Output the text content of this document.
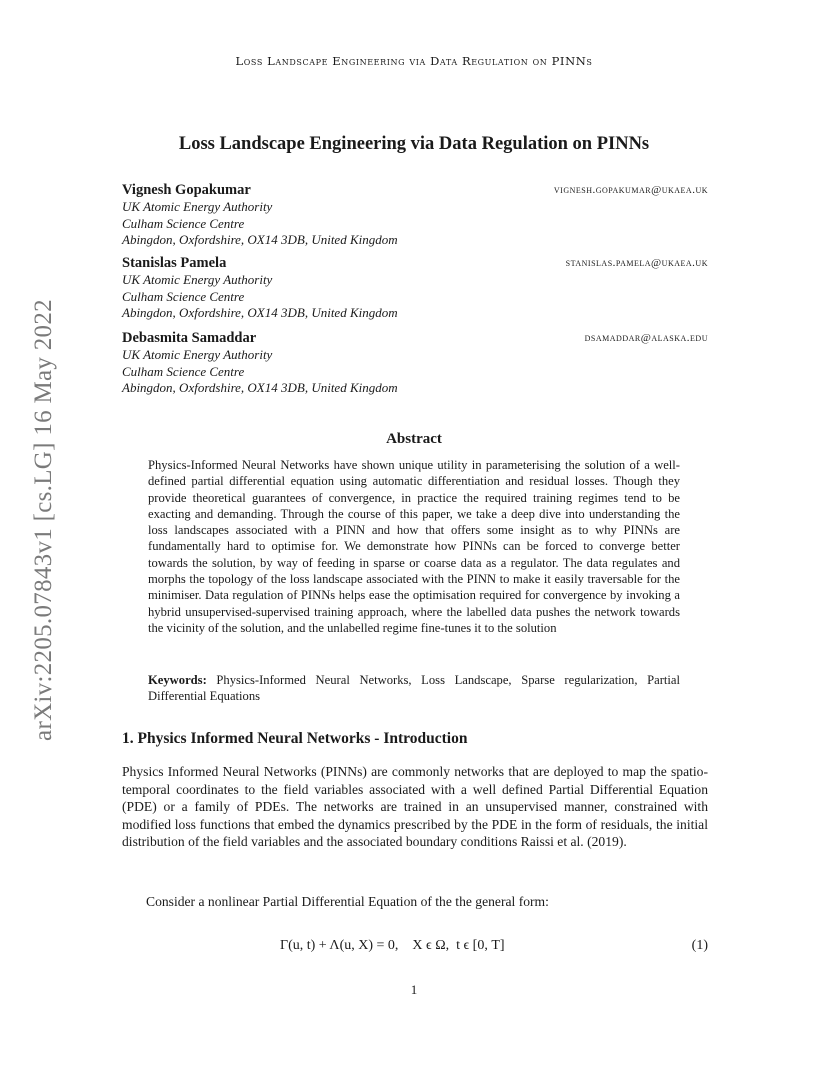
Loss Landscape Engineering via Data Regulation on PINNs
arXiv:2205.07843v1 [cs.LG] 16 May 2022
Loss Landscape Engineering via Data Regulation on PINNs
Vignesh Gopakumar	vignesh.gopakumar@ukaea.uk
UK Atomic Energy Authority
Culham Science Centre
Abingdon, Oxfordshire, OX14 3DB, United Kingdom
Stanislas Pamela	stanislas.pamela@ukaea.uk
UK Atomic Energy Authority
Culham Science Centre
Abingdon, Oxfordshire, OX14 3DB, United Kingdom
Debasmita Samaddar	dsamaddar@alaska.edu
UK Atomic Energy Authority
Culham Science Centre
Abingdon, Oxfordshire, OX14 3DB, United Kingdom
Abstract
Physics-Informed Neural Networks have shown unique utility in parameterising the solution of a well-defined partial differential equation using automatic differentiation and residual losses. Though they provide theoretical guarantees of convergence, in practice the required training regimes tend to be exacting and demanding. Through the course of this paper, we take a deep dive into understanding the loss landscapes associated with a PINN and how that offers some insight as to why PINNs are fundamentally hard to optimise for. We demonstrate how PINNs can be forced to converge better towards the solution, by way of feeding in sparse or coarse data as a regulator. The data regulates and morphs the topology of the loss landscape associated with the PINN to make it easily traversable for the minimiser. Data regulation of PINNs helps ease the optimisation required for convergence by invoking a hybrid unsupervised-supervised training approach, where the labelled data pushes the network towards the vicinity of the solution, and the unlabelled regime fine-tunes it to the solution
Keywords: Physics-Informed Neural Networks, Loss Landscape, Sparse regularization, Partial Differential Equations
1. Physics Informed Neural Networks - Introduction
Physics Informed Neural Networks (PINNs) are commonly networks that are deployed to map the spatio-temporal coordinates to the field variables associated with a well defined Partial Differential Equation (PDE) or a family of PDEs. The networks are trained in an unsupervised manner, constrained with modified loss functions that embed the dynamics prescribed by the PDE in the form of residuals, the initial distribution of the field variables and the associated boundary conditions Raissi et al. (2019).
Consider a nonlinear Partial Differential Equation of the the general form:
Γ(u, t) + Λ(u, X) = 0,    X ϵ Ω,  t ϵ [0, T]	(1)
1
